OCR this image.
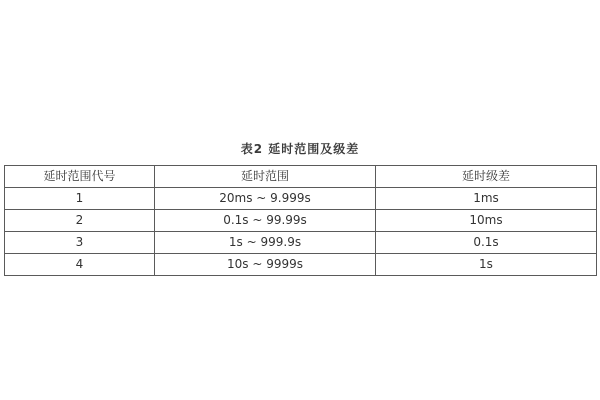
表2 延时范围及级差
延时范围代号	延时范围	延时级差
1	20ms ~ 9.999s	1ms
2	0.1s ~ 99.99s	10ms
3	1s ~ 999.9s	0.1s
4	10s ~ 9999s	1s
